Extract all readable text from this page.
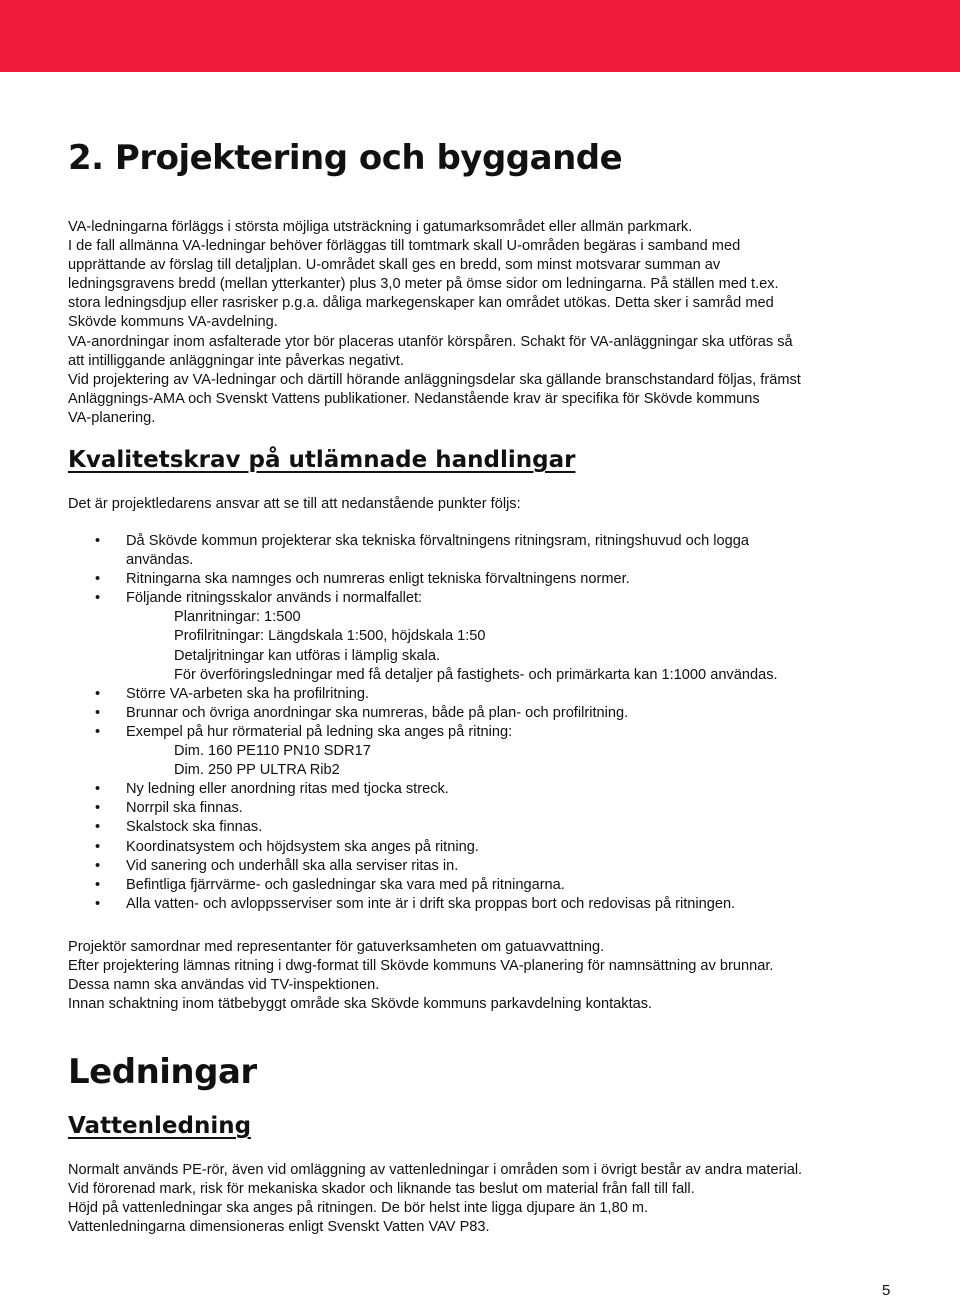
2. Projektering och byggande
VA-ledningarna förläggs i största möjliga utsträckning i gatumarksområdet eller allmän parkmark.
I de fall allmänna VA-ledningar behöver förläggas till tomtmark skall U-områden begäras i samband med
upprättande av förslag till detaljplan. U-området skall ges en bredd, som minst motsvarar summan av
ledningsgravens bredd (mellan ytterkanter) plus 3,0 meter på ömse sidor om ledningarna. På ställen med t.ex.
stora ledningsdjup eller rasrisker p.g.a. dåliga markegenskaper kan området utökas. Detta sker i samråd med
Skövde kommuns VA-avdelning.
VA-anordningar inom asfalterade ytor bör placeras utanför körspåren. Schakt för VA-anläggningar ska utföras så
att intilliggande anläggningar inte påverkas negativt.
Vid projektering av VA-ledningar och därtill hörande anläggningsdelar ska gällande branschstandard följas, främst
Anläggnings-AMA och Svenskt Vattens publikationer. Nedanstående krav är specifika för Skövde kommuns
VA-planering.
Kvalitetskrav på utlämnade handlingar
Det är projektledarens ansvar att se till att nedanstående punkter följs:
• Då Skövde kommun projekterar ska tekniska förvaltningens ritningsram, ritningshuvud och logga
användas.
• Ritningarna ska namnges och numreras enligt tekniska förvaltningens normer.
• Följande ritningsskalor används i normalfallet:
Planritningar: 1:500
Profilritningar: Längdskala 1:500, höjdskala 1:50
Detaljritningar kan utföras i lämplig skala.
För överföringsledningar med få detaljer på fastighets- och primärkarta kan 1:1000 användas.
• Större VA-arbeten ska ha profilritning.
• Brunnar och övriga anordningar ska numreras, både på plan- och profilritning.
• Exempel på hur rörmaterial på ledning ska anges på ritning:
Dim. 160 PE110 PN10 SDR17
Dim. 250 PP ULTRA Rib2
• Ny ledning eller anordning ritas med tjocka streck.
• Norrpil ska finnas.
• Skalstock ska finnas.
• Koordinatsystem och höjdsystem ska anges på ritning.
• Vid sanering och underhåll ska alla serviser ritas in.
• Befintliga fjärrvärme- och gasledningar ska vara med på ritningarna.
• Alla vatten- och avloppsserviser som inte är i drift ska proppas bort och redovisas på ritningen.
Projektör samordnar med representanter för gatuverksamheten om gatuavvattning.
Efter projektering lämnas ritning i dwg-format till Skövde kommuns VA-planering för namnsättning av brunnar.
Dessa namn ska användas vid TV-inspektionen.
Innan schaktning inom tätbebyggt område ska Skövde kommuns parkavdelning kontaktas.
Ledningar
Vattenledning
Normalt används PE-rör, även vid omläggning av vattenledningar i områden som i övrigt består av andra material.
Vid förorenad mark, risk för mekaniska skador och liknande tas beslut om material från fall till fall.
Höjd på vattenledningar ska anges på ritningen. De bör helst inte ligga djupare än 1,80 m.
Vattenledningarna dimensioneras enligt Svenskt Vatten VAV P83.
5
